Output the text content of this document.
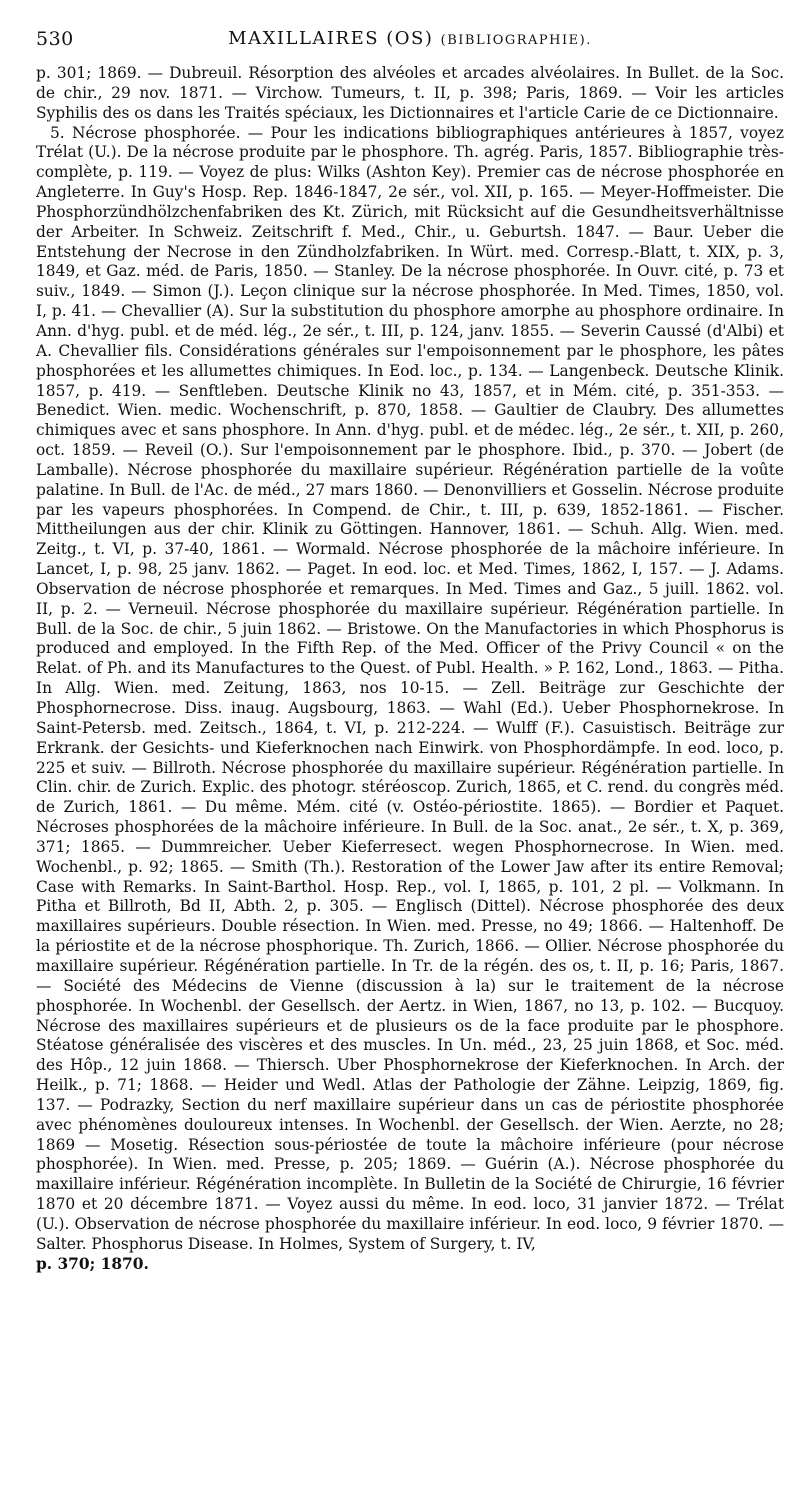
530	MAXILLAIRES (OS) (BIBLIOGRAPHIE).

p. 301; 1869. — Dubreuil. Résorption des alvéoles et arcades alvéolaires. In Bullet. de la Soc. de chir., 29 nov. 1871. — Virchow. Tumeurs, t. II, p. 398; Paris, 1869. — Voir les articles Syphilis des os dans les Traités spéciaux, les Dictionnaires et l'article Carie de ce Dictionnaire.

5. Nécrose phosphorée. — Pour les indications bibliographiques antérieures à 1857, voyez Trélat (U.). De la nécrose produite par le phosphore. Th. agrég. Paris, 1857. Bibliographie très-complète, p. 119. — Voyez de plus: Wilks (Ashton Key). Premier cas de nécrose phosphorée en Angleterre. In Guy's Hosp. Rep. 1846-1847, 2e sér., vol. XII, p. 165. — Meyer-Hoffmeister. Die Phosphorzündhölzchenfabriken des Kt. Zürich, mit Rücksicht auf die Gesundheitsverhältnisse der Arbeiter. In Schweiz. Zeitschrift f. Med., Chir., u. Geburtsh. 1847. — Baur. Ueber die Entstehung der Necrose in den Zündholzfabriken. In Würt. med. Corresp.-Blatt, t. XIX, p. 3, 1849, et Gaz. méd. de Paris, 1850. — Stanley. De la nécrose phosphorée. In Ouvr. cité, p. 73 et suiv., 1849. — Simon (J.). Leçon clinique sur la nécrose phosphorée. In Med. Times, 1850, vol. I, p. 41. — Chevallier (A). Sur la substitution du phosphore amorphe au phosphore ordinaire. In Ann. d'hyg. publ. et de méd. lég., 2e sér., t. III, p. 124, janv. 1855. — Severin Caussé (d'Albi) et A. Chevallier fils. Considérations générales sur l'empoisonnement par le phosphore, les pâtes phosphorées et les allumettes chimiques. In Eod. loc., p. 134. — Langenbeck. Deutsche Klinik. 1857, p. 419. — Senftleben. Deutsche Klinik no 43, 1857, et in Mém. cité, p. 351-353. — Benedict. Wien. medic. Wochenschrift, p. 870, 1858. — Gaultier de Claubry. Des allumettes chimiques avec et sans phosphore. In Ann. d'hyg. publ. et de médec. lég., 2e sér., t. XII, p. 260, oct. 1859. — Reveil (O.). Sur l'empoisonnement par le phosphore. Ibid., p. 370. — Jobert (de Lamballe). Nécrose phosphorée du maxillaire supérieur. Régénération partielle de la voûte palatine. In Bull. de l'Ac. de méd., 27 mars 1860. — Denonvilliers et Gosselin. Nécrose produite par les vapeurs phosphorées. In Compend. de Chir., t. III, p. 639, 1852-1861. — Fischer. Mittheilungen aus der chir. Klinik zu Göttingen. Hannover, 1861. — Schuh. Allg. Wien. med. Zeitg., t. VI, p. 37-40, 1861. — Wormald. Nécrose phosphorée de la mâchoire inférieure. In Lancet, I, p. 98, 25 janv. 1862. — Paget. In eod. loc. et Med. Times, 1862, I, 157. — J. Adams. Observation de nécrose phosphorée et remarques. In Med. Times and Gaz., 5 juill. 1862. vol. II, p. 2. — Verneuil. Nécrose phosphorée du maxillaire supérieur. Régénération partielle. In Bull. de la Soc. de chir., 5 juin 1862. — Bristowe. On the Manufactories in which Phosphorus is produced and employed. In the Fifth Rep. of the Med. Officer of the Privy Council « on the Relat. of Ph. and its Manufactures to the Quest. of Publ. Health. » P. 162, Lond., 1863. — Pitha. In Allg. Wien. med. Zeitung, 1863, nos 10-15. — Zell. Beiträge zur Geschichte der Phosphornecrose. Diss. inaug. Augsbourg, 1863. — Wahl (Ed.). Ueber Phosphornekrose. In Saint-Petersb. med. Zeitsch., 1864, t. VI, p. 212-224. — Wulff (F.). Casuistisch. Beiträge zur Erkrank. der Gesichts- und Kieferknochen nach Einwirk. von Phosphordämpfe. In eod. loco, p. 225 et suiv. — Billroth. Nécrose phosphorée du maxillaire supérieur. Régénération partielle. In Clin. chir. de Zurich. Explic. des photogr. stéréoscop. Zurich, 1865, et C. rend. du congrès méd. de Zurich, 1861. — Du même. Mém. cité (v. Ostéo-périostite. 1865). — Bordier et Paquet. Nécroses phosphorées de la mâchoire inférieure. In Bull. de la Soc. anat., 2e sér., t. X, p. 369, 371; 1865. — Dummreicher. Ueber Kieferresect. wegen Phosphornecrose. In Wien. med. Wochenbl., p. 92; 1865. — Smith (Th.). Restoration of the Lower Jaw after its entire Removal; Case with Remarks. In Saint-Barthol. Hosp. Rep., vol. I, 1865, p. 101, 2 pl. — Volkmann. In Pitha et Billroth, Bd II, Abth. 2, p. 305. — Englisch (Dittel). Nécrose phosphorée des deux maxillaires supérieurs. Double résection. In Wien. med. Presse, no 49; 1866. — Haltenhoff. De la périostite et de la nécrose phosphorique. Th. Zurich, 1866. — Ollier. Nécrose phosphorée du maxillaire supérieur. Régénération partielle. In Tr. de la régén. des os, t. II, p. 16; Paris, 1867. — Société des Médecins de Vienne (discussion à la) sur le traitement de la nécrose phosphorée. In Wochenbl. der Gesellsch. der Aertz. in Wien, 1867, no 13, p. 102. — Bucquoy. Nécrose des maxillaires supérieurs et de plusieurs os de la face produite par le phosphore. Stéatose généralisée des viscères et des muscles. In Un. méd., 23, 25 juin 1868, et Soc. méd. des Hôp., 12 juin 1868. — Thiersch. Uber Phosphornekrose der Kieferknochen. In Arch. der Heilk., p. 71; 1868. — Heider und Wedl. Atlas der Pathologie der Zähne. Leipzig, 1869, fig. 137. — Podrazky, Section du nerf maxillaire supérieur dans un cas de périostite phosphorée avec phénomènes douloureux intenses. In Wochenbl. der Gesellsch. der Wien. Aerzte, no 28; 1869 — Mosetig. Résection sous-périostée de toute la mâchoire inférieure (pour nécrose phosphorée). In Wien. med. Presse, p. 205; 1869. — Guérin (A.). Nécrose phosphorée du maxillaire inférieur. Régénération incomplète. In Bulletin de la Société de Chirurgie, 16 février 1870 et 20 décembre 1871. — Voyez aussi du même. In eod. loco, 31 janvier 1872. — Trélat (U.). Observation de nécrose phosphorée du maxillaire inférieur. In eod. loco, 9 février 1870. — Salter. Phosphorus Disease. In Holmes, System of Surgery, t. IV,

p. 370; 1870.
